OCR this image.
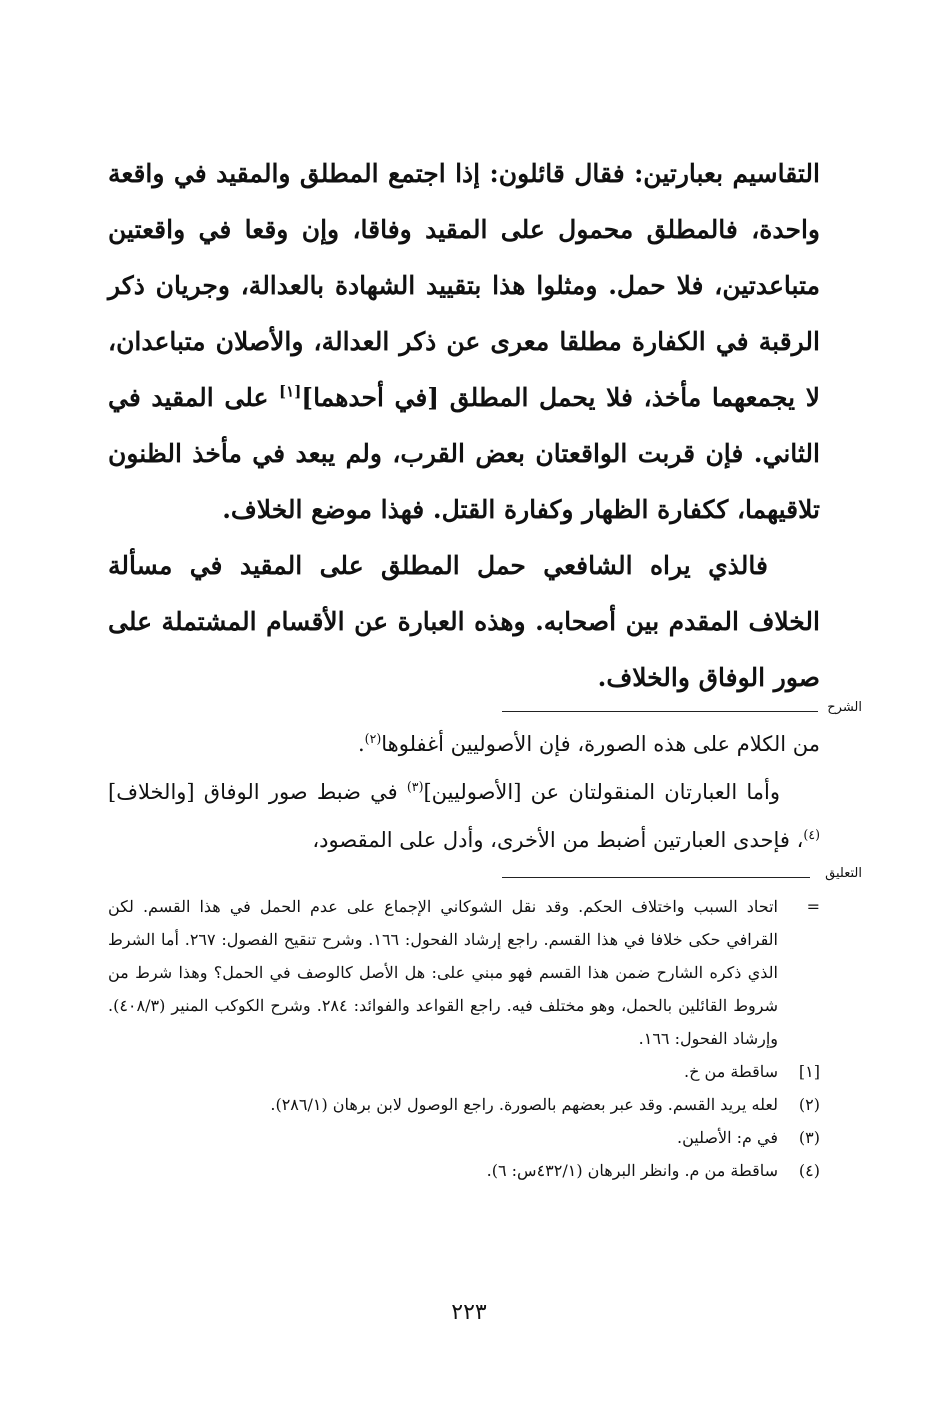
التقاسيم بعبارتين: فقال قائلون: إذا اجتمع المطلق والمقيد في واقعة واحدة، فالمطلق محمول على المقيد وفاقا، وإن وقعا في واقعتين متباعدتين، فلا حمل. ومثلوا هذا بتقييد الشهادة بالعدالة، وجريان ذكر الرقبة في الكفارة مطلقا معرى عن ذكر العدالة، والأصلان متباعدان، لا يجمعهما مأخذ، فلا يحمل المطلق [في أحدهما][١] على المقيد في الثاني. فإن قربت الواقعتان بعض القرب، ولم يبعد في مأخذ الظنون تلاقيهما، ككفارة الظهار وكفارة القتل. فهذا موضع الخلاف.

فالذي يراه الشافعي حمل المطلق على المقيد في مسألة الخلاف المقدم بين أصحابه. وهذه العبارة عن الأقسام المشتملة على صور الوفاق والخلاف.

الشرح

من الكلام على هذه الصورة، فإن الأصوليين أغفلوها$^{(٢)}$.

وأما العبارتان المنقولتان عن [الأصوليين]$^{(٣)}$ في ضبط صور الوفاق [والخلاف]$^{(٤)}$، فإحدى العبارتين أضبط من الأخرى، وأدل على المقصود،

التعليق
=
اتحاد السبب واختلاف الحكم. وقد نقل الشوكاني الإجماع على عدم الحمل في هذا القسم. لكن القرافي حكى خلافا في هذا القسم. راجع إرشاد الفحول: ١٦٦. وشرح تنقيح الفصول: ٢٦٧. أما الشرط الذي ذكره الشارح ضمن هذا القسم فهو مبني على: هل الأصل كالوصف في الحمل؟ وهذا شرط من شروط القائلين بالحمل، وهو مختلف فيه. راجع القواعد والفوائد: ٢٨٤. وشرح الكوكب المنير (٤٠٨/٣). وإرشاد الفحول: ١٦٦.
[١]
ساقطة من خ.
(٢)
لعله يريد القسم. وقد عبر بعضهم بالصورة. راجع الوصول لابن برهان (٢٨٦/١).
(٣)
في م: الأصلين.
(٤)
ساقطة من م. وانظر البرهان (٤٣٢/١س: ٦).
٢٢٣
